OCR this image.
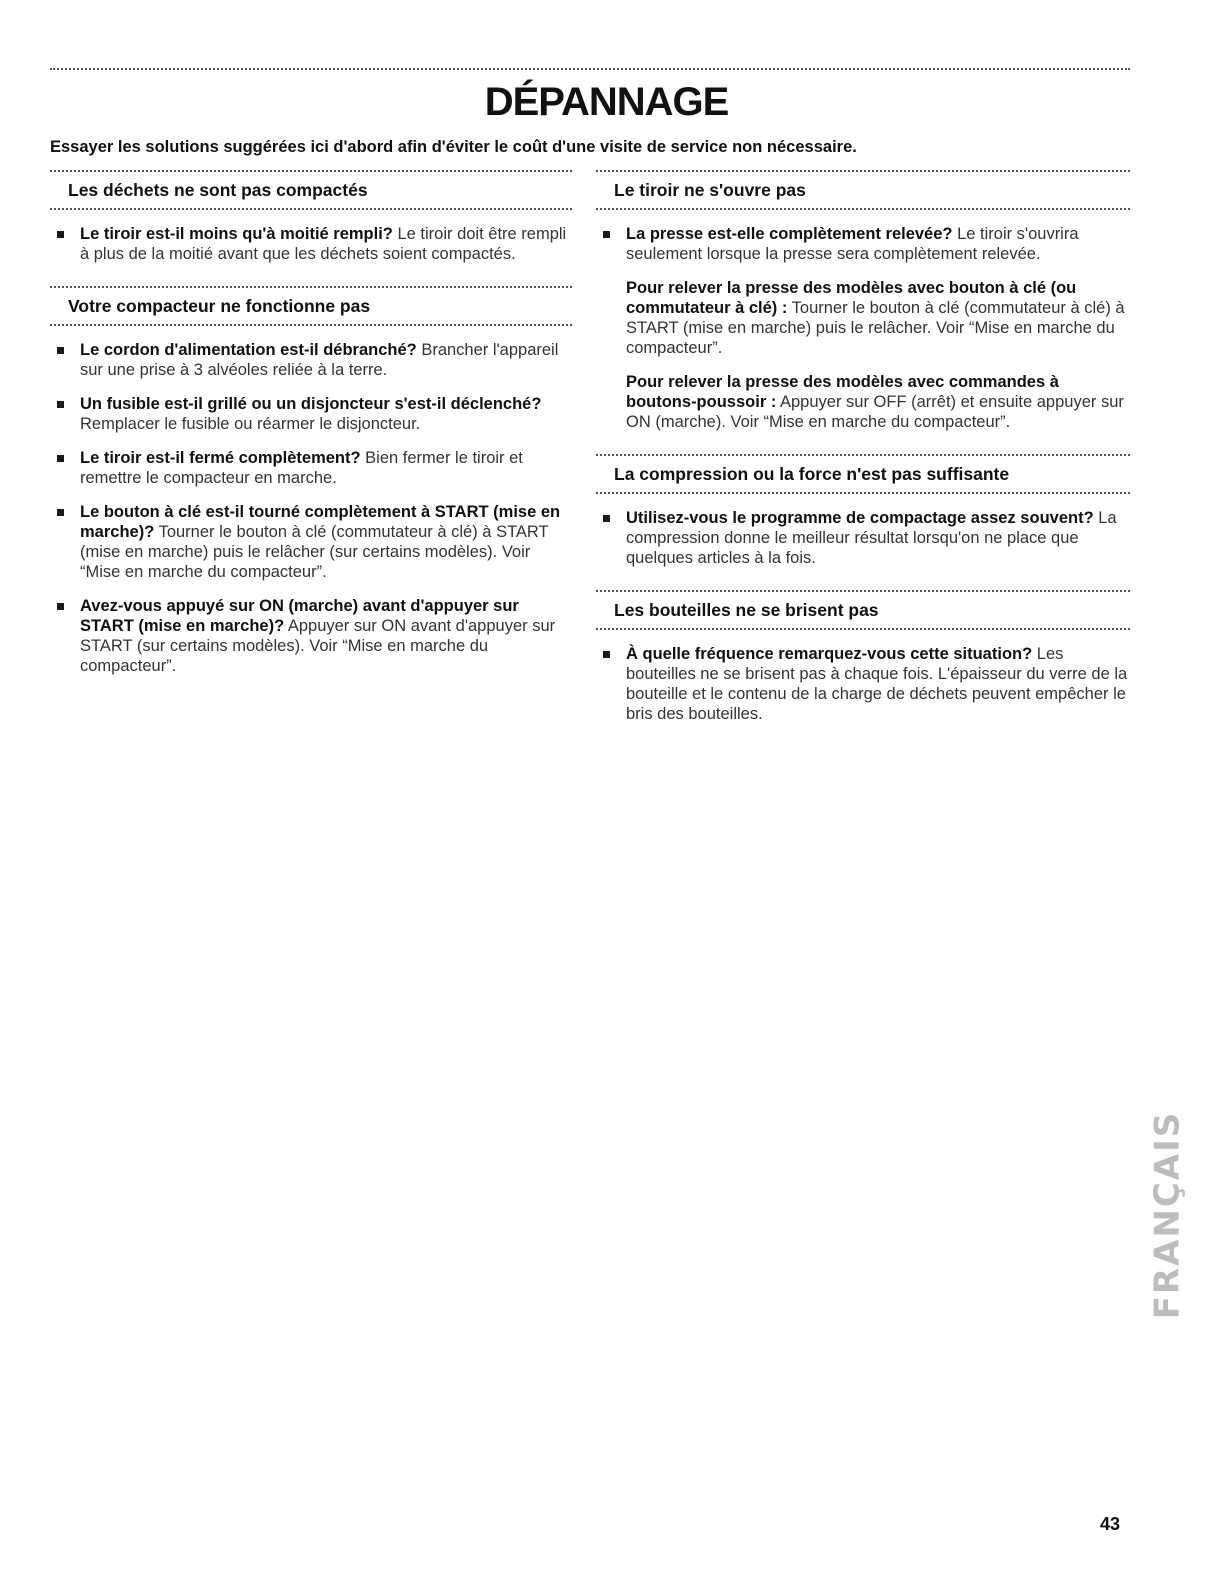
DÉPANNAGE

Essayer les solutions suggérées ici d'abord afin d'éviter le coût d'une visite de service non nécessaire.

Les déchets ne sont pas compactés
Le tiroir est-il moins qu'à moitié rempli? Le tiroir doit être rempli à plus de la moitié avant que les déchets soient compactés.
Votre compacteur ne fonctionne pas
Le cordon d'alimentation est-il débranché? Brancher l'appareil sur une prise à 3 alvéoles reliée à la terre.
Un fusible est-il grillé ou un disjoncteur s'est-il déclenché? Remplacer le fusible ou réarmer le disjoncteur.
Le tiroir est-il fermé complètement? Bien fermer le tiroir et remettre le compacteur en marche.
Le bouton à clé est-il tourné complètement à START (mise en marche)? Tourner le bouton à clé (commutateur à clé) à START (mise en marche) puis le relâcher (sur certains modèles). Voir “Mise en marche du compacteur”.
Avez-vous appuyé sur ON (marche) avant d'appuyer sur START (mise en marche)? Appuyer sur ON avant d'appuyer sur START (sur certains modèles). Voir “Mise en marche du compacteur”.
Le tiroir ne s'ouvre pas
La presse est-elle complètement relevée? Le tiroir s'ouvrira seulement lorsque la presse sera complètement relevée.
Pour relever la presse des modèles avec bouton à clé (ou commutateur à clé) : Tourner le bouton à clé (commutateur à clé) à START (mise en marche) puis le relâcher. Voir “Mise en marche du compacteur”.
Pour relever la presse des modèles avec commandes à boutons-poussoir : Appuyer sur OFF (arrêt) et ensuite appuyer sur ON (marche). Voir “Mise en marche du compacteur”.
La compression ou la force n'est pas suffisante
Utilisez-vous le programme de compactage assez souvent? La compression donne le meilleur résultat lorsqu'on ne place que quelques articles à la fois.
Les bouteilles ne se brisent pas
À quelle fréquence remarquez-vous cette situation? Les bouteilles ne se brisent pas à chaque fois. L'épaisseur du verre de la bouteille et le contenu de la charge de déchets peuvent empêcher le bris des bouteilles.
FRANÇAIS
43
